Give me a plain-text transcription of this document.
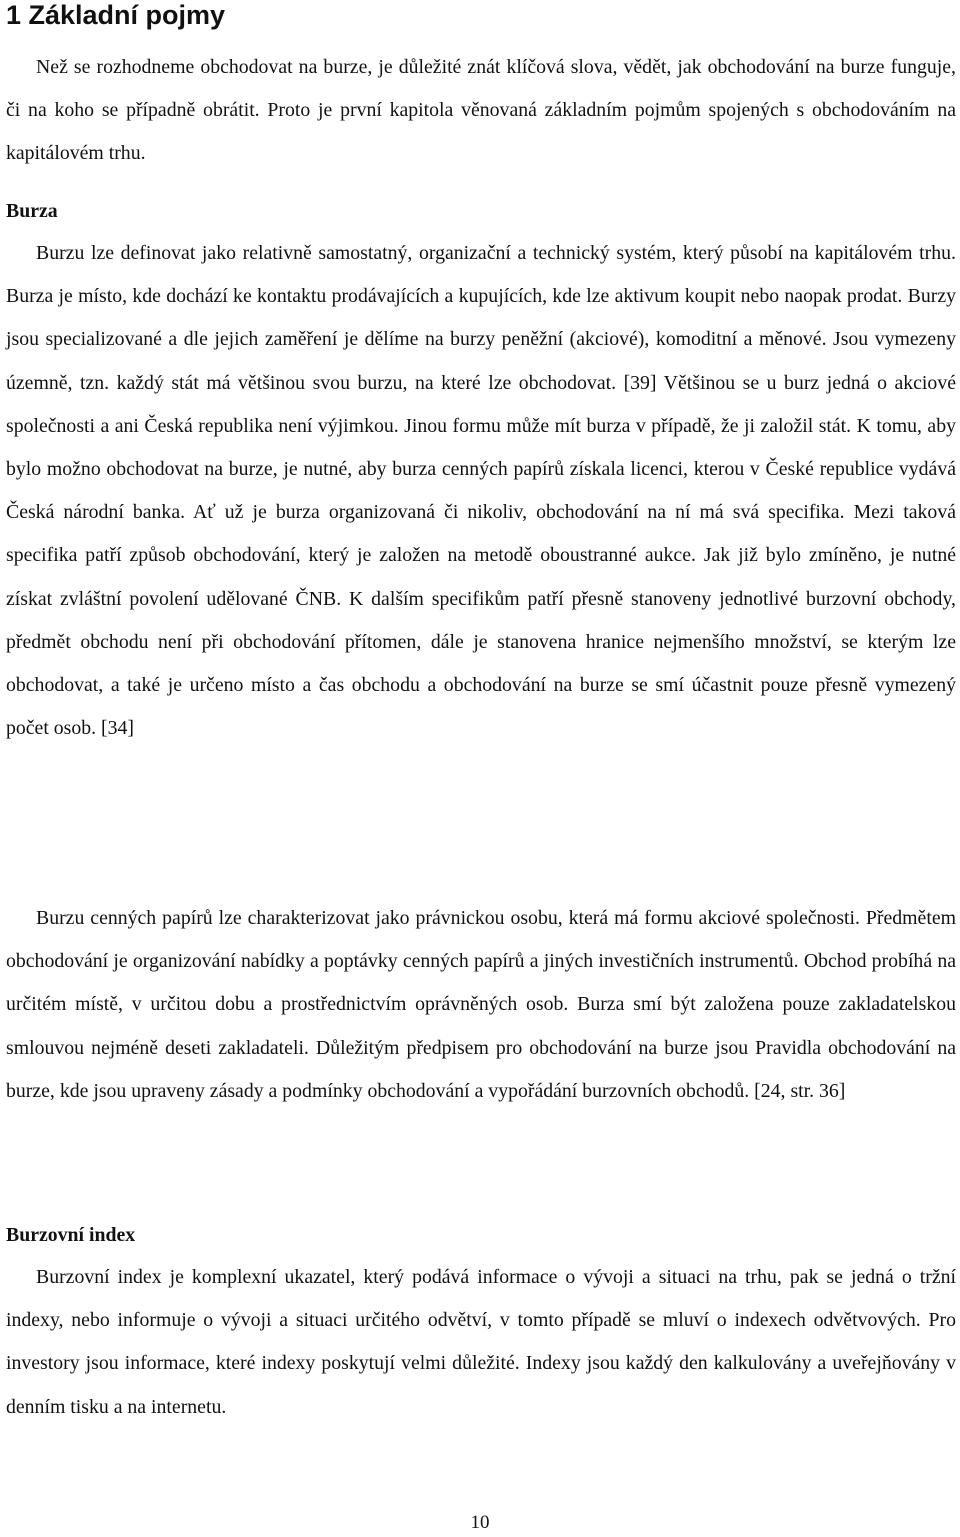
1 Základní pojmy

Než se rozhodneme obchodovat na burze, je důležité znát klíčová slova, vědět, jak obchodování na burze funguje, či na koho se případně obrátit. Proto je první kapitola věnovaná základním pojmům spojených s obchodováním na kapitálovém trhu.

Burza

Burzu lze definovat jako relativně samostatný, organizační a technický systém, který působí na kapitálovém trhu. Burza je místo, kde dochází ke kontaktu prodávajících a kupujících, kde lze aktivum koupit nebo naopak prodat. Burzy jsou specializované a dle jejich zaměření je dělíme na burzy peněžní (akciové), komoditní a měnové. Jsou vymezeny územně, tzn. každý stát má většinou svou burzu, na které lze obchodovat. [39] Většinou se u burz jedná o akciové společnosti a ani Česká republika není výjimkou. Jinou formu může mít burza v případě, že ji založil stát. K tomu, aby bylo možno obchodovat na burze, je nutné, aby burza cenných papírů získala licenci, kterou v České republice vydává Česká národní banka. Ať už je burza organizovaná či nikoliv, obchodování na ní má svá specifika. Mezi taková specifika patří způsob obchodování, který je založen na metodě oboustranné aukce. Jak již bylo zmíněno, je nutné získat zvláštní povolení udělované ČNB. K dalším specifikům patří přesně stanoveny jednotlivé burzovní obchody, předmět obchodu není při obchodování přítomen, dále je stanovena hranice nejmenšího množství, se kterým lze obchodovat, a také je určeno místo a čas obchodu a obchodování na burze se smí účastnit pouze přesně vymezený počet osob. [34]

Burzu cenných papírů lze charakterizovat jako právnickou osobu, která má formu akciové společnosti. Předmětem obchodování je organizování nabídky a poptávky cenných papírů a jiných investičních instrumentů. Obchod probíhá na určitém místě, v určitou dobu a prostřednictvím oprávněných osob. Burza smí být založena pouze zakladatelskou smlouvou nejméně deseti zakladateli. Důležitým předpisem pro obchodování na burze jsou Pravidla obchodování na burze, kde jsou upraveny zásady a podmínky obchodování a vypořádání burzovních obchodů. [24, str. 36]

Burzovní index

Burzovní index je komplexní ukazatel, který podává informace o vývoji a situaci na trhu, pak se jedná o tržní indexy, nebo informuje o vývoji a situaci určitého odvětví, v tomto případě se mluví o indexech odvětvových. Pro investory jsou informace, které indexy poskytují velmi důležité. Indexy jsou každý den kalkulovány a uveřejňovány v denním tisku a na internetu.

10
